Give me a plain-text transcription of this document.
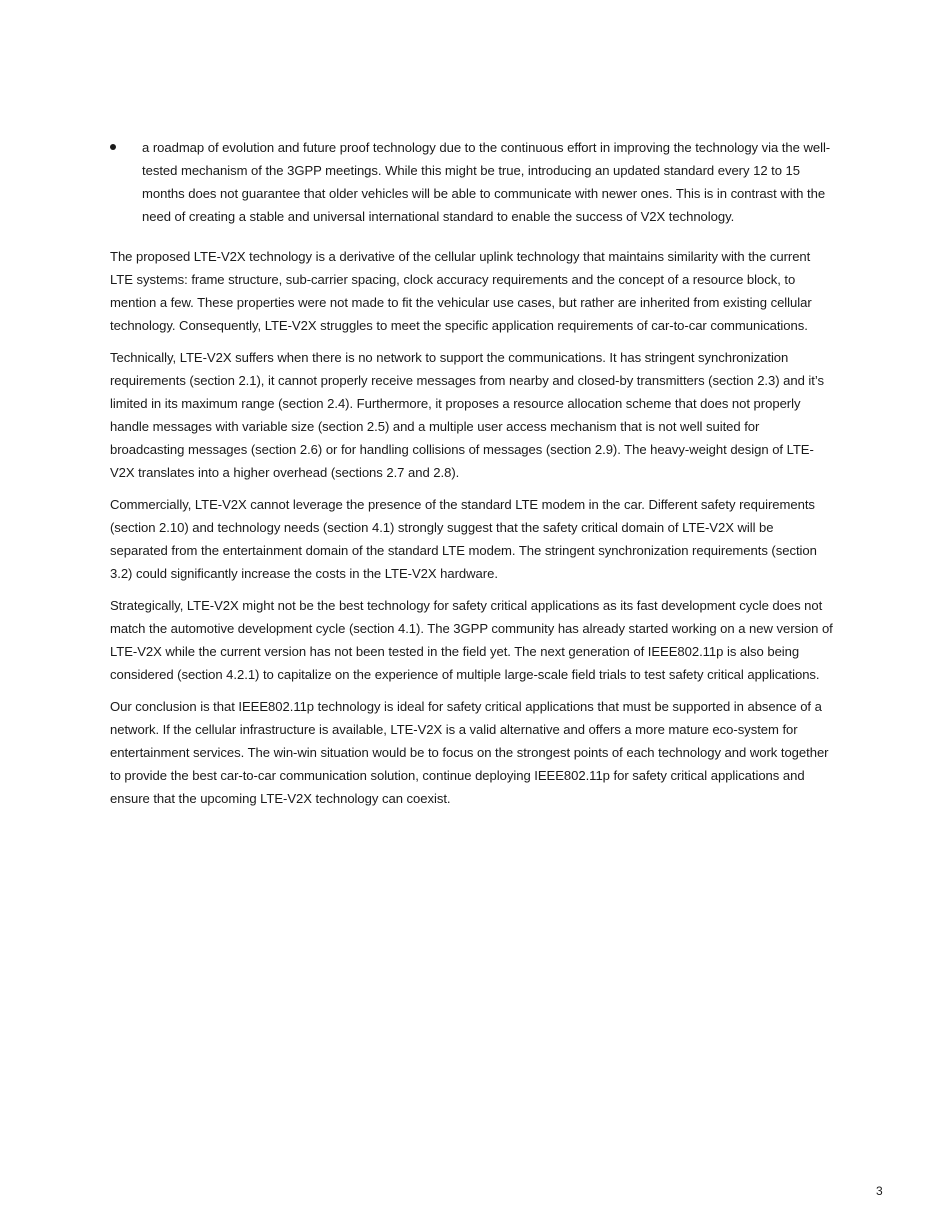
a roadmap of evolution and future proof technology due to the continuous effort in improving the technology via the well-tested mechanism of the 3GPP meetings. While this might be true, introducing an updated standard every 12 to 15 months does not guarantee that older vehicles will be able to communicate with newer ones. This is in contrast with the need of creating a stable and universal international standard to enable the success of V2X technology.

The proposed LTE-V2X technology is a derivative of the cellular uplink technology that maintains similarity with the current LTE systems: frame structure, sub-carrier spacing, clock accuracy requirements and the concept of a resource block, to mention a few. These properties were not made to fit the vehicular use cases, but rather are inherited from existing cellular technology. Consequently, LTE-V2X struggles to meet the specific application requirements of car-to-car communications.

Technically, LTE-V2X suffers when there is no network to support the communications. It has stringent synchronization requirements (section 2.1), it cannot properly receive messages from nearby and closed-by transmitters (section 2.3) and it’s limited in its maximum range (section 2.4). Furthermore, it proposes a resource allocation scheme that does not properly handle messages with variable size (section 2.5) and a multiple user access mechanism that is not well suited for broadcasting messages (section 2.6) or for handling collisions of messages (section 2.9). The heavy-weight design of LTE-V2X translates into a higher overhead (sections 2.7 and 2.8).

Commercially, LTE-V2X cannot leverage the presence of the standard LTE modem in the car. Different safety requirements (section 2.10) and technology needs (section 4.1) strongly suggest that the safety critical domain of LTE-V2X will be separated from the entertainment domain of the standard LTE modem. The stringent synchronization requirements (section 3.2) could significantly increase the costs in the LTE-V2X hardware.

Strategically, LTE-V2X might not be the best technology for safety critical applications as its fast development cycle does not match the automotive development cycle (section 4.1). The 3GPP community has already started working on a new version of LTE-V2X while the current version has not been tested in the field yet. The next generation of IEEE802.11p is also being considered (section 4.2.1) to capitalize on the experience of multiple large-scale field trials to test safety critical applications.

Our conclusion is that IEEE802.11p technology is ideal for safety critical applications that must be supported in absence of a network. If the cellular infrastructure is available, LTE-V2X is a valid alternative and offers a more mature eco-system for entertainment services. The win-win situation would be to focus on the strongest points of each technology and work together to provide the best car-to-car communication solution, continue deploying IEEE802.11p for safety critical applications and ensure that the upcoming LTE-V2X technology can coexist.

3
